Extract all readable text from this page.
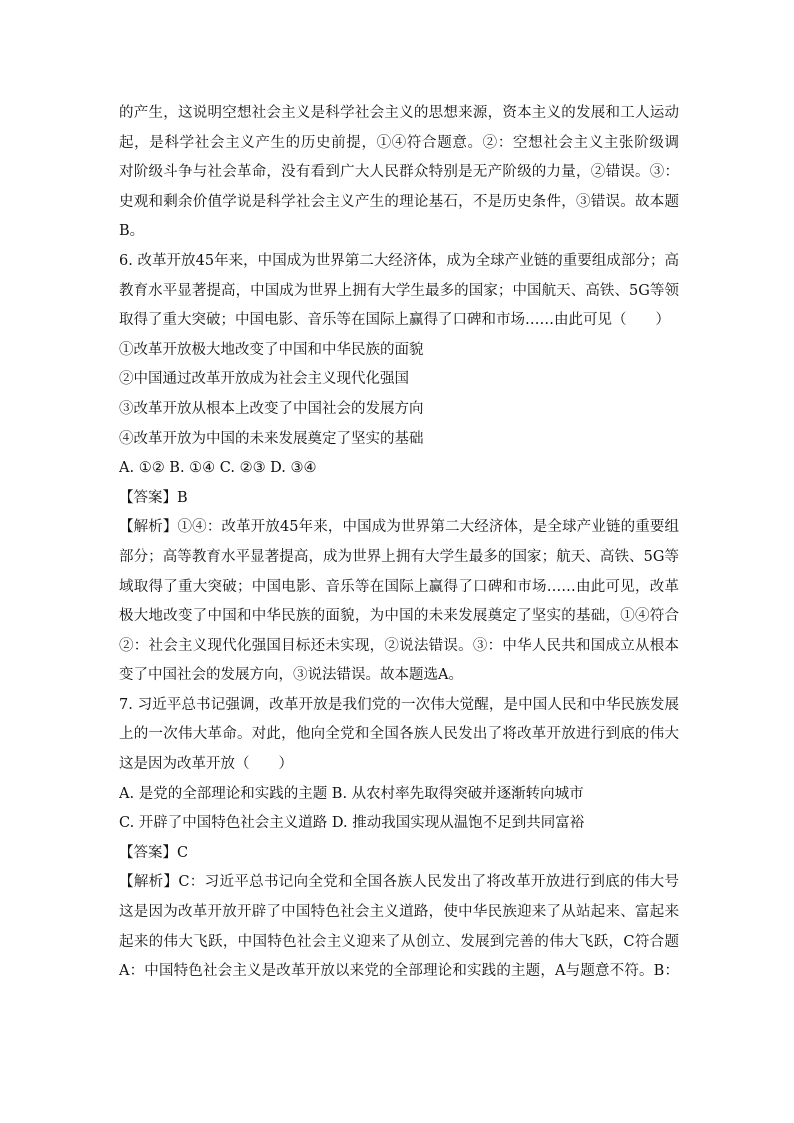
的产生，这说明空想社会主义是科学社会主义的思想来源，资本主义的发展和工人运动
起，是科学社会主义产生的历史前提，①④符合题意。②：空想社会主义主张阶级调
对阶级斗争与社会革命，没有看到广大人民群众特别是无产阶级的力量，②错误。③：
史观和剩余价值学说是科学社会主义产生的理论基石，不是历史条件，③错误。故本题
B。
6. 改革开放45年来，中国成为世界第二大经济体，成为全球产业链的重要组成部分；高
教育水平显著提高，中国成为世界上拥有大学生最多的国家；中国航天、高铁、5G等领
取得了重大突破；中国电影、音乐等在国际上赢得了口碑和市场……由此可见（　　）
①改革开放极大地改变了中国和中华民族的面貌
②中国通过改革开放成为社会主义现代化强国
③改革开放从根本上改变了中国社会的发展方向
④改革开放为中国的未来发展奠定了坚实的基础
A. ①② B. ①④ C. ②③ D. ③④
【答案】B
【解析】①④：改革开放45年来，中国成为世界第二大经济体，是全球产业链的重要组
部分；高等教育水平显著提高，成为世界上拥有大学生最多的国家；航天、高铁、5G等
域取得了重大突破；中国电影、音乐等在国际上赢得了口碑和市场……由此可见，改革
极大地改变了中国和中华民族的面貌，为中国的未来发展奠定了坚实的基础，①④符合
②：社会主义现代化强国目标还未实现，②说法错误。③：中华人民共和国成立从根本
变了中国社会的发展方向，③说法错误。故本题选A。
7. 习近平总书记强调，改革开放是我们党的一次伟大觉醒，是中国人民和中华民族发展
上的一次伟大革命。对此，他向全党和全国各族人民发出了将改革开放进行到底的伟大
这是因为改革开放（　　）
A. 是党的全部理论和实践的主题 B. 从农村率先取得突破并逐渐转向城市
C. 开辟了中国特色社会主义道路 D. 推动我国实现从温饱不足到共同富裕
【答案】C
【解析】C：习近平总书记向全党和全国各族人民发出了将改革开放进行到底的伟大号
这是因为改革开放开辟了中国特色社会主义道路，使中华民族迎来了从站起来、富起来
起来的伟大飞跃，中国特色社会主义迎来了从创立、发展到完善的伟大飞跃，C符合题
A：中国特色社会主义是改革开放以来党的全部理论和实践的主题，A与题意不符。B：
